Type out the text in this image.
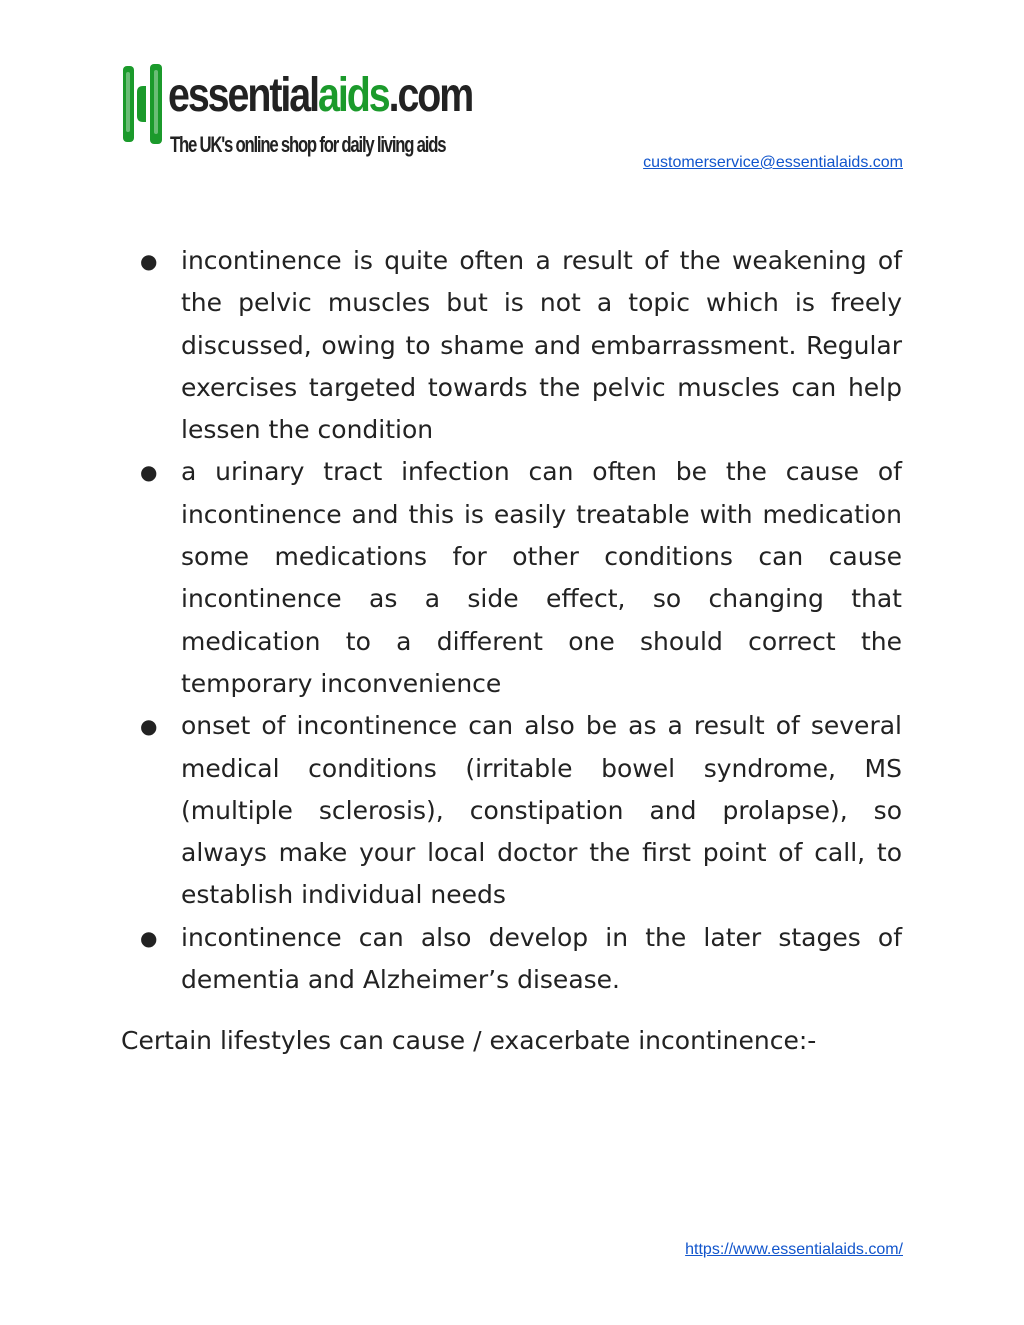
essentialaids.com
The UK's online shop for daily living aids
customerservice@essentialaids.com
● incontinence is quite often a result of the weakening of the pelvic muscles but is not a topic which is freely discussed, owing to shame and embarrassment. Regular exercises targeted towards the pelvic muscles can help lessen the condition
● a urinary tract infection can often be the cause of incontinence and this is easily treatable with medication some medications for other conditions can cause incontinence as a side effect, so changing that medication to a different one should correct the temporary inconvenience
● onset of incontinence can also be as a result of several medical conditions (irritable bowel syndrome, MS (multiple sclerosis), constipation and prolapse), so always make your local doctor the first point of call, to establish individual needs
● incontinence can also develop in the later stages of dementia and Alzheimer’s disease.
Certain lifestyles can cause / exacerbate incontinence:-
https://www.essentialaids.com/
